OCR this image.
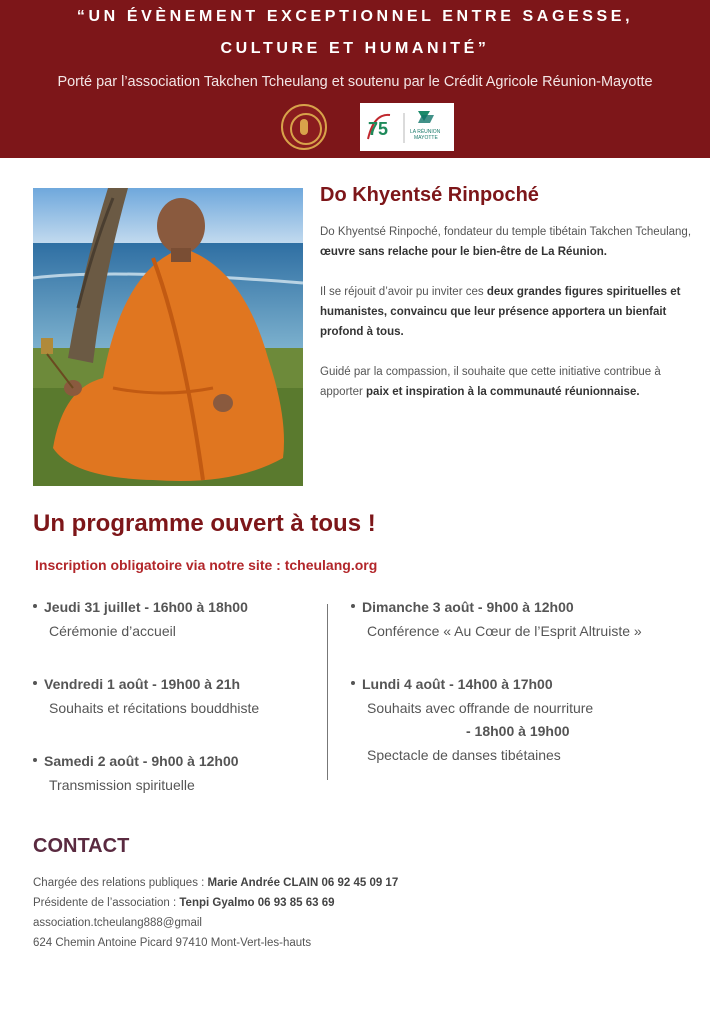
“UN ÉVÈNEMENT EXCEPTIONNEL ENTRE SAGESSE,
CULTURE ET HUMANITÉ”
Porté par l’association Takchen Tcheulang et soutenu par le Crédit Agricole Réunion-Mayotte
75	LA RÉUNION
MAYOTTE
Do Khyentsé Rinpoché
Do Khyentsé Rinpoché, fondateur du temple tibétain Takchen Tcheulang, œuvre sans relache pour le bien-être de La Réunion.
Il se réjouit d’avoir pu inviter ces deux grandes figures spirituelles et humanistes, convaincu que leur présence apportera un bienfait profond à tous.
Guidé par la compassion, il souhaite que cette initiative contribue à apporter paix et inspiration à la communauté réunionnaise.
Un programme ouvert à tous !
Inscription obligatoire via notre site : tcheulang.org
Jeudi 31 juillet - 16h00 à 18h00
Cérémonie d’accueil
Vendredi 1 août - 19h00 à 21h
Souhaits et récitations bouddhiste
Samedi 2 août - 9h00 à 12h00
Transmission spirituelle
Dimanche 3 août - 9h00 à 12h00
Conférence « Au Cœur de l’Esprit Altruiste »
Lundi 4 août - 14h00 à 17h00
Souhaits avec offrande de nourriture
- 18h00 à 19h00
Spectacle de danses tibétaines
CONTACT
Chargée des relations publiques : Marie Andrée CLAIN 06 92 45 09 17
Présidente de l’association : Tenpi Gyalmo 06 93 85 63 69
association.tcheulang888@gmail
624 Chemin Antoine Picard 97410 Mont-Vert-les-hauts
